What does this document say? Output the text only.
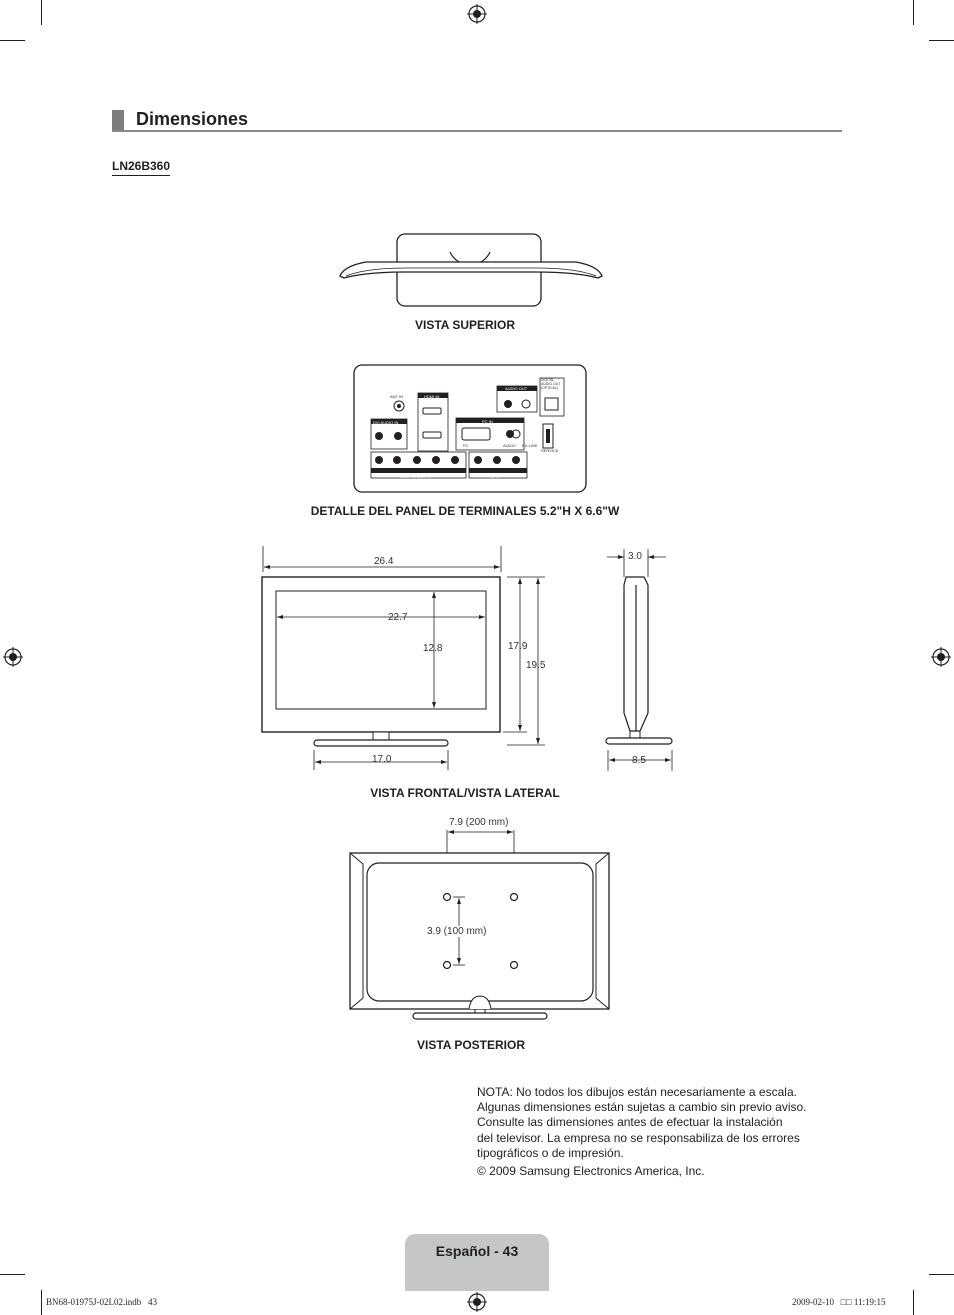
Dimensiones
LN26B360
VISTA SUPERIOR
ANT IN	HDMI IN
AUDIO OUT
DIGITAL AUDIO OUT (OPTICAL)
DVI AUDIO IN	PC IN
PC	AUDIO EX-LINK
SERVICE
COMPONENT IN	AV IN
VIDEO
DETALLE DEL PANEL DE TERMINALES 5.2"H X 6.6"W
26.4
22.7
12.8	17.9
19.5
17.0
3.0
8.5
VISTA FRONTAL/VISTA LATERAL
7.9 (200 mm)
3.9 (100 mm)
VISTA POSTERIOR

NOTA: No todos los dibujos están necesariamente a escala.

Algunas dimensiones están sujetas a cambio sin previo aviso.

Consulte las dimensiones antes de efectuar la instalación

del televisor. La empresa no se responsabiliza de los errores

tipográficos o de impresión.

© 2009 Samsung Electronics America, Inc.

Español - 43
BN68-01975J-02L02.indb   43	2009-02-10   □□ 11:19:15
